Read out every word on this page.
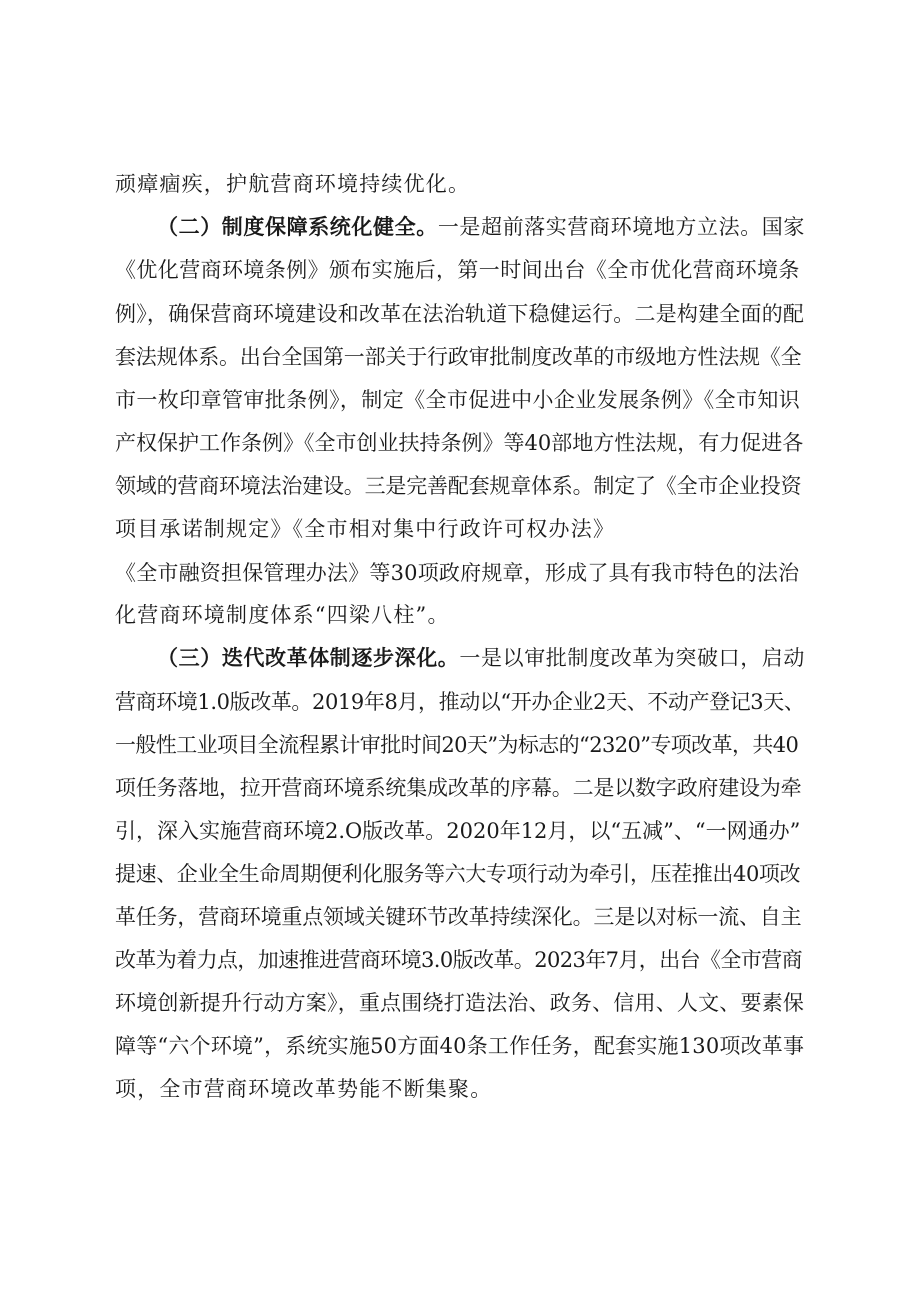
顽瘴痼疾，护航营商环境持续优化。
（二）制度保障系统化健全。一是超前落实营商环境地方立法。国家
《优化营商环境条例》颁布实施后，第一时间出台《全市优化营商环境条
例》，确保营商环境建设和改革在法治轨道下稳健运行。二是构建全面的配
套法规体系。出台全国第一部关于行政审批制度改革的市级地方性法规《全
市一枚印章管审批条例》，制定《全市促进中小企业发展条例》《全市知识
产权保护工作条例》《全市创业扶持条例》等40部地方性法规，有力促进各
领域的营商环境法治建设。三是完善配套规章体系。制定了《全市企业投资
项目承诺制规定》《全市相对集中行政许可权办法》
《全市融资担保管理办法》等30项政府规章，形成了具有我市特色的法治
化营商环境制度体系“四梁八柱”。
（三）迭代改革体制逐步深化。一是以审批制度改革为突破口，启动
营商环境1.0版改革。2019年8月，推动以“开办企业2天、不动产登记3天、
一般性工业项目全流程累计审批时间20天”为标志的“2320”专项改革，共40
项任务落地，拉开营商环境系统集成改革的序幕。二是以数字政府建设为牵
引，深入实施营商环境2.O版改革。2020年12月，以“五减”、“一网通办”
提速、企业全生命周期便利化服务等六大专项行动为牵引，压茬推出40项改
革任务，营商环境重点领域关键环节改革持续深化。三是以对标一流、自主
改革为着力点，加速推进营商环境3.0版改革。2023年7月，出台《全市营商
环境创新提升行动方案》，重点围绕打造法治、政务、信用、人文、要素保
障等“六个环境”，系统实施50方面40条工作任务，配套实施130项改革事
项，全市营商环境改革势能不断集聚。
